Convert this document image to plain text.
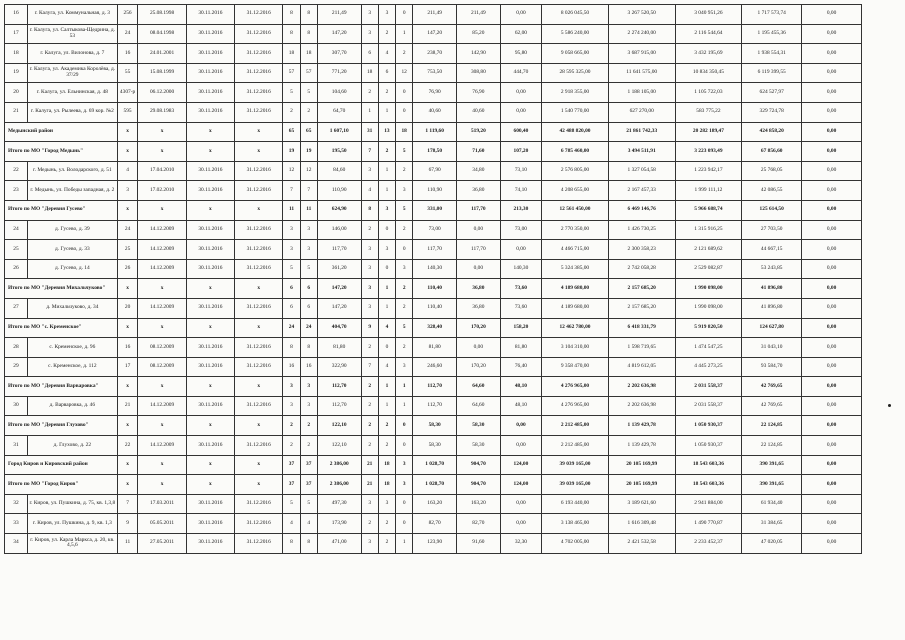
16	г. Калуга, ул. Коммунальная, д. 3	256	25.08.1998	30.11.2016	31.12.2016	8	8	211,49	3	3	0	211,49	211,49	0,00	8 026 045,50	3 267 520,50	3 040 951,26	1 717 573,74	0,00
17	г. Калуга, ул. Салтыкова-Щедрина, д. 53	24	08.04.1998	30.11.2016	31.12.2016	8	8	147,20	3	2	1	147,20	85,20	62,00	5 586 240,00	2 274 240,00	2 116 544,64	1 195 455,36	0,00
18	г. Калуга, ул. Вилонова, д. 7	16	24.01.2001	30.11.2016	31.12.2016	18	18	307,70	6	4	2	238,70	142,90	95,80	9 058 665,00	3 687 915,00	3 432 195,69	1 938 554,31	0,00
19	г. Калуга, ул. Академика Королёва, д. 37/29	55	15.08.1999	30.11.2016	31.12.2016	57	57	771,20	18	6	12	753,50	308,80	444,70	28 595 325,00	11 641 575,00	10 834 350,45	6 119 399,55	0,00
20	г. Калуга, ул. Ельнинская, д. 48	4307-р	06.12.2000	30.11.2016	31.12.2016	5	5	104,60	2	2	0	76,90	76,90	0,00	2 918 355,00	1 188 105,00	1 105 722,03	624 527,97	0,00
21	г. Калуга, ул. Рылеева, д. 69 кор. №2	595	29.08.1983	30.11.2016	31.12.2016	2	2	64,70	1	1	0	40,60	40,60	0,00	1 540 770,00	627 270,00	583 775,22	329 724,78	0,00
Медынский район		x	x	x	x	65	65	1 607,10	31	13	18	1 119,60	519,20	600,40	42 488 820,00	21 861 742,33	20 282 189,47	424 858,20	0,00
Итого по МО "Город Медынь"		x	x	x	x	19	19	195,50	7	2	5	178,50	71,60	107,20	6 785 460,00	3 494 511,91	3 223 093,49	67 856,60	0,00
22	г. Медынь, ул. Володарского, д. 51	4	17.04.2010	30.11.2016	31.12.2016	12	12	84,60	3	1	2	67,90	34,80	73,10	2 576 805,00	1 327 054,58	1 223 942,17	25 768,05	0,00
23	г. Медынь, ул. Победы западная, д. 2	3	17.02.2010	30.11.2016	31.12.2016	7	7	110,90	4	1	3	110,90	36,80	74,10	4 208 655,00	2 167 457,33	1 999 111,12	42 086,55	0,00
Итого по МО "Деревня Гусево"		x	x	x	x	11	11	624,90	8	3	5	331,00	117,70	213,30	12 561 450,00	6 469 146,76	5 966 688,74	125 614,50	0,00
24	д. Гусево, д. 39	24	14.12.2009	30.11.2016	31.12.2016	3	3	146,00	2	0	2	73,00	0,00	73,00	2 770 350,00	1 426 730,25	1 315 916,25	27 703,50	0,00
25	д. Гусево, д. 33	25	14.12.2009	30.11.2016	31.12.2016	3	3	117,70	3	3	0	117,70	117,70	0,00	4 466 715,00	2 300 358,23	2 121 689,62	44 667,15	0,00
26	д. Гусево, д. 14	26	14.12.2009	30.11.2016	31.12.2016	5	5	361,20	3	0	3	140,30	0,00	140,30	5 324 385,00	2 742 058,28	2 529 082,87	53 243,85	0,00
Итого по МО "Деревня Михальчуково"		x	x	x	x	6	6	147,20	3	1	2	110,40	36,80	73,60	4 189 680,00	2 157 685,20	1 990 098,00	41 896,80	0,00
27	д. Михальчуково, д. 34	20	14.12.2009	30.11.2016	31.12.2016	6	6	147,20	3	1	2	110,40	36,80	73,60	4 189 680,00	2 157 685,20	1 990 098,00	41 896,80	0,00
Итого по МО "с. Кременское"		x	x	x	x	24	24	404,70	9	4	5	328,40	170,20	158,20	12 462 780,00	6 418 331,79	5 919 820,50	124 627,80	0,00
28	с. Кременское, д. 96	16	08.12.2009	30.11.2016	31.12.2016	8	8	81,80	2	0	2	81,80	0,00	81,80	3 104 310,00	1 598 719,65	1 474 547,25	31 043,10	0,00
29	с. Кременское, д. 112	17	08.12.2009	30.11.2016	31.12.2016	16	16	322,90	7	4	3	246,60	170,20	76,40	9 358 470,00	4 819 612,05	4 445 273,25	93 584,70	0,00
Итого по МО "Деревня Варваровка"		x	x	x	x	3	3	112,70	2	1	1	112,70	64,60	48,10	4 276 965,00	2 202 636,98	2 031 558,37	42 769,65	0,00
30	д. Варваровка, д. 46	21	14.12.2009	30.11.2016	31.12.2016	3	3	112,70	2	1	1	112,70	64,60	48,10	4 276 965,00	2 202 636,98	2 031 558,37	42 769,65	0,00
Итого по МО "Деревня Глухово"		x	x	x	x	2	2	122,10	2	2	0	58,30	58,30	0,00	2 212 485,00	1 139 429,78	1 050 930,37	22 124,85	0,00
31	д. Глухово, д. 22	22	14.12.2009	30.11.2016	31.12.2016	2	2	122,10	2	2	0	58,30	58,30	0,00	2 212 485,00	1 139 429,78	1 050 930,37	22 124,85	0,00
Город Киров и Кировский район		x	x	x	x	37	37	2 386,00	21	18	3	1 028,70	904,70	124,00	39 039 165,00	20 105 169,99	18 543 603,36	390 391,65	0,00
Итого по МО "Город Киров"		x	x	x	x	37	37	2 386,00	21	18	3	1 028,70	904,70	124,00	39 039 165,00	20 105 169,99	18 543 603,36	390 391,65	0,00
32	г. Киров, ул. Пушкина, д. 75, кв. 1,3,8	7	17.03.2011	30.11.2016	31.12.2016	5	5	497,30	3	3	0	163,20	163,20	0,00	6 193 440,00	3 189 621,60	2 941 884,00	61 934,40	0,00
33	г. Киров, ул. Пушкина, д. 9, кв. 1,3	9	05.05.2011	30.11.2016	31.12.2016	4	4	173,90	2	2	0	82,70	82,70	0,00	3 138 465,00	1 616 309,48	1 490 770,87	31 384,65	0,00
34	г. Киров, ул. Карла Маркса, д. 20, кв. 4,5,6	11	27.05.2011	30.11.2016	31.12.2016	8	8	471,00	3	2	1	123,90	91,60	32,30	4 702 005,00	2 421 532,58	2 233 452,37	47 020,05	0,00
